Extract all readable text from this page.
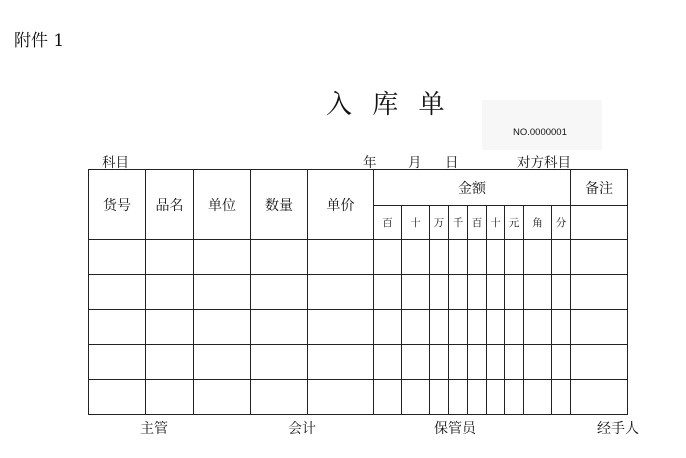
附件 1
入 库 单
NO.0000001
科目	年 月 日	对方科目
货号	品名	单位	数量	单价	金额									备注
					百	十	万	千	百	十	元	角	分	

主管	会计	保管员	经手人
